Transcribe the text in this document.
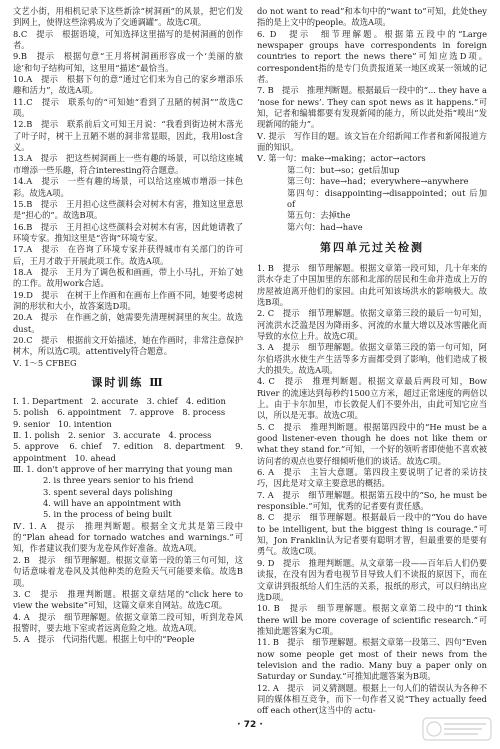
文艺小街，用相机记录下这些新涂“树洞画”的风景，把它们发到网上，使得这些涂鸦成为了交通调罐”。故选C项。

8.C　提示　根据语境，可知选择这里描写的是树洞画的创作者。

9.B　提示　根据句意“王月将树洞画形容成一个‘美丽的旅途’和句子结构可知，这里用“描述”最恰当。

10.A　提示　根据下句的意“通过它们来为自己的家乡增添乐趣和活力”，故选A项。

11.C　提示　联系句的“可知她“看到了丑陋的树洞””故选C项。

12.B　提示　联系前后文可知王月说：“我看到街边树木落光了叶子时，树干上丑陋不堪的洞非常显眼，因此，我用lost含义。

13.A　提示　把这些树洞画上一些有趣的场景，可以给这座城市增添一些乐趣，符合interesting符合题意。

14.A　提示　一些有趣的场景，可以给这座城市增添一抹色彩。故选A项。

15.B　提示　王月担心这些颜料会对树木有害，推知这里意思是“担心的”。故选B项。

16.B　提示　王月担心这些颜料会对树木有害，因此她请教了环境专家。推知这里是“咨询”环境专家。

17.A　提示　在咨询了环境专家并获得城市有关部门的许可后，王月才敢于开展此项工作。故选A项。

18.A　提示　王月为了调色板和画画，带上小马扎，开始了她的工作。故用work合适。

19.D　提示　在树干上作画和在画布上作画不同，她要考虑树洞的形状和大小，故答案选D项。

20.A　提示　在作画之前，她需要先清理树洞里的灰尘。故选dust。

20.C　提示　根据前文开始描述，她在作画时，非常注意保护树木，所以选C项。attentively符合题意。

Ⅴ. 1～5 CFBEG

课时训练 Ⅲ

Ⅰ. 1. Department　2. accurate　3. chief　4. edition

5. polish　6. appointment　7. approve　8. process

9. senior　10. intention

Ⅱ. 1. polish　2. senior　3. accurate　4. process

5. approve　6. chief　7. edition　8. department　9. appointment　10. ahead

Ⅲ. 1. don't approve of her marrying that young man

2. is three years senior to his friend

3. spent several days polishing

4. will have an appointment with

5. in the process of being built

Ⅳ. 1. A　提示　推理判断题。根据全文尤其是第三段中的“Plan ahead for tornado watches and warnings.”可知，作者建议我们要为龙卷风作好准备。故选A项。

2. B　提示　细节理解题。根据文章第一段的第三句可知，这句话意味着龙卷风及其他种类的危险天气可能要来临。故选B项。

3. C　提示　推理判断题。根据文章结尾的“click here to view the website”可知，这篇文章来自网站。故选C项。

4. A　提示　细节理解题。依据文章第二段可知，听到龙卷风报警时，要去地下室或者远离危险之地。故选A项。

5. A　提示　代词指代题。根据上句中的“People

do not want to read”和本句中的“want to”可知，此处they指的是上文中的people。故选A项。

6. D　提示　细节理解题。根据第五段中的“Large newspaper groups have correspondents in foreign countries to report the news there”可知应选D项。correspondent指的是专门负责报道某一地区或某一领域的记者。

7. B　提示　推理判断题。根据最后一段中的“... they have a ‘nose for news’. They can spot news as it happens.”可知，记者和编辑都要有发现新闻的能力，所以此处指“嗅出”发现新闻的能力”。

Ⅴ. 提示　写作目的题。该文旨在介绍新闻工作者和新闻报道方面的知识。

Ⅴ. 第一句：make→making；actor→actors

第二句：but→so；get后加up

第三句：have→had；everywhere→anywhere

第四句：disappointing→disappointed；out 后加of

第五句：去掉the

第六句：had→have

第四单元过关检测

1. B　提示　细节理解题。根据文章第一段可知，几十年来的洪水夺走了中国加里的东部和北部的居民和生命并造成上万的房屋被迫离开他们的家园。由此可知该场洪水的影响极大。故选B项。

2. C　提示　细节理解题。依据文章第三段的最后一句可知，河流洪水泛滥是因为降雨多、河流的水量大增以及冰雪融化而导致的水位上升。故选C项。

3. A　提示　细节理解题。依据文章第三段的第一句可知，阿尔伯塔洪水使生产生活等多方面都受到了影响，他们造成了极大的损失。故选A项。

4. C　提示　推理判断题。根据文章最后两段可知，Bow River 的流速达到每秒约1500立方米，超过正常速度的两倍以上。由于卡尔加里，市长敦促人们不要外出，由此可知它应当以，所以是无事。故选C项。

5. C　提示　推理判断题。根据第四段中的“He must be a good listener-even though he does not like them or what they stand for.”可知，一个好的领听者即使他不喜欢被访问者的观点也要仔细倾听他们的谈话。故选C项。

6. A　提示　主旨大意题。第四段主要说明了记者的采访技巧，因此是对文章主要意思的概括。

7. A　提示　细节理解题。根据第五段中的“So, he must be responsible.”可知，优秀的记者要有责任感。

8. C　提示　细节理解题。根据最后一段中的“You do have to be intelligent, but the biggest thing is courage.”可知，Jon Franklin认为记者要有聪明才智，但最重要的是要有勇气。故选C项。

9. D　提示　推理判断题。从文章第一段——百年后人们仍要读报，在没有因为看电视节目导致人们不读报的原因下，而在文章讲到报纸给人们生活的关系，报纸的形式，可以归纳出应选D项。

10. B　提示　细节理解题。根据文章第二段中的“I think there will be more coverage of scientific research.”可推知此题答案为C项。

11. B　提示　细节理解题。根据文章第一段第三、四句“Even now some people get most of their news from the television and the radio. Many buy a paper only on Saturday or Sunday.”可推知此题答案为B项。

12. A　提示　词义猜测题。根据上一句人们的错误认为各种不同的媒体相互竞争，而下一句作者又说“They actually feed off each other(这当中的 actu-

· 72 ·
